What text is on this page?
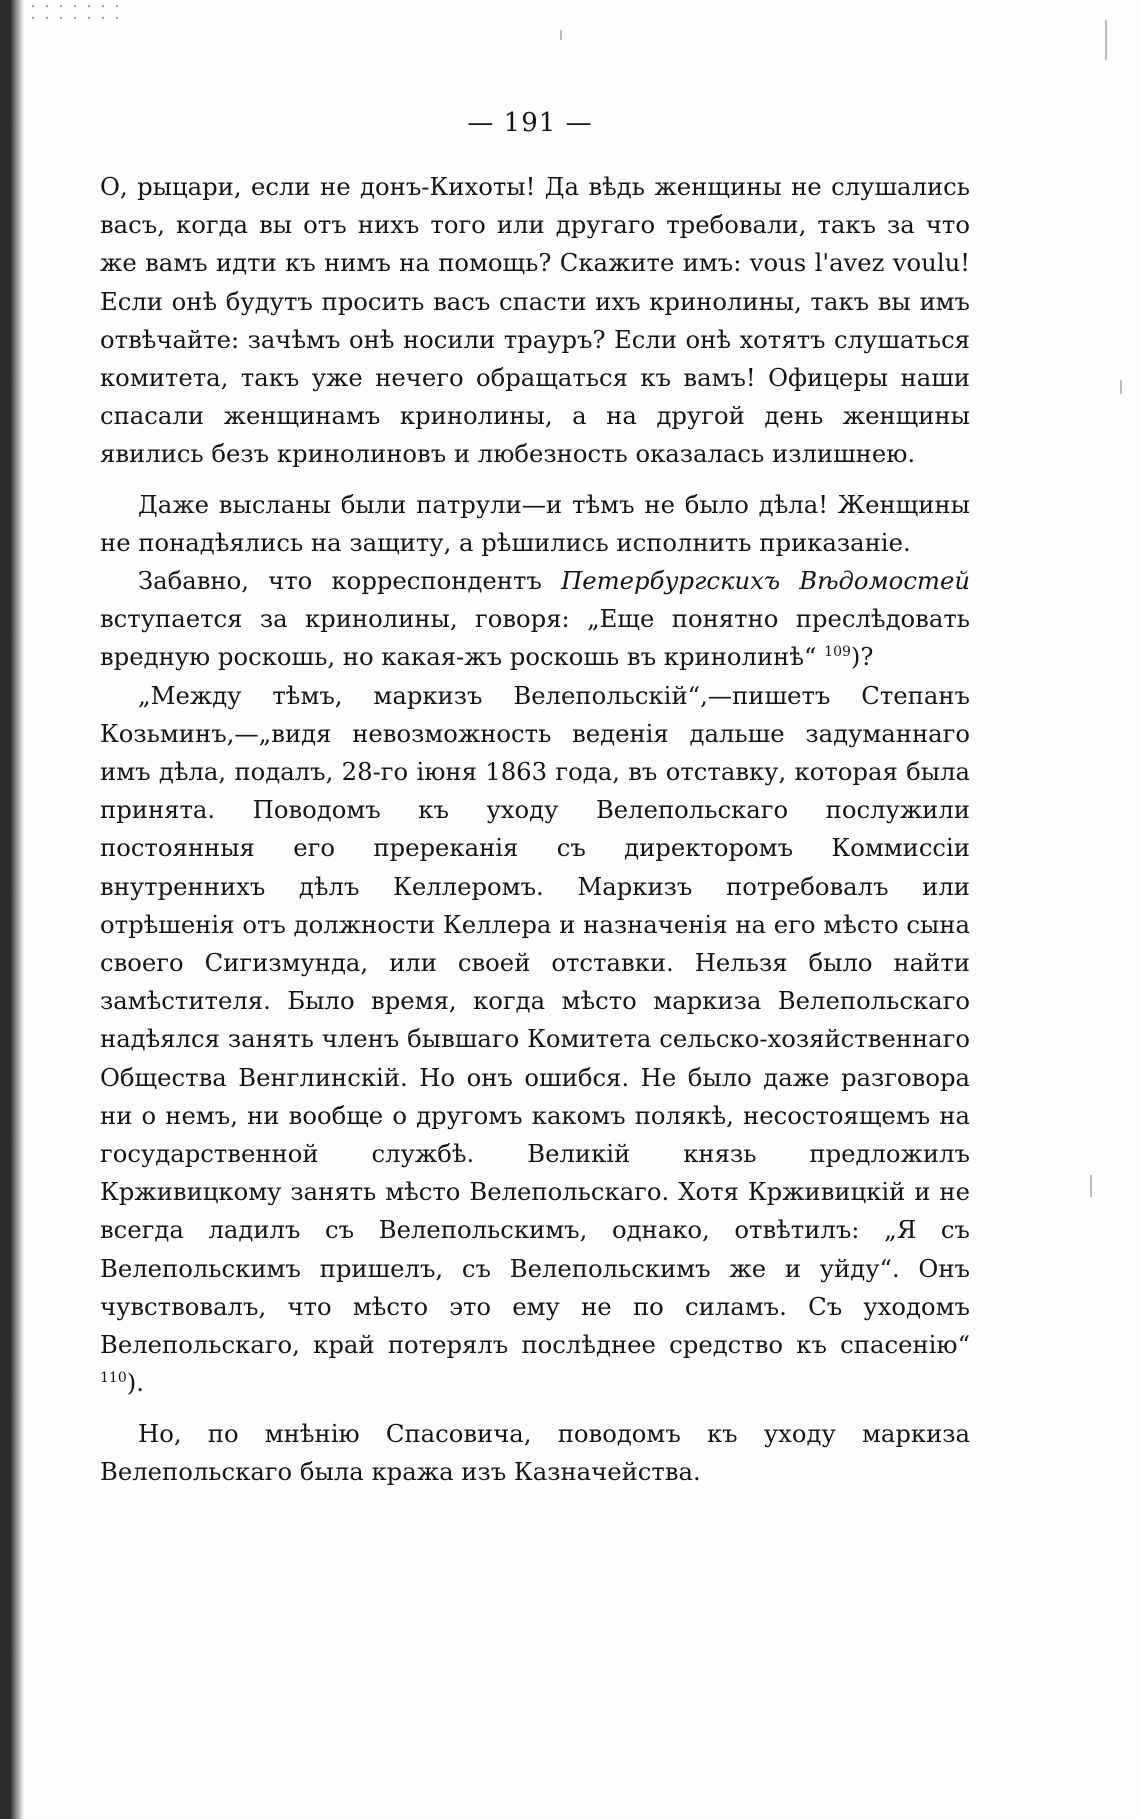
— 191 —

О, рыцари, если не донъ-Кихоты! Да вѣдь женщины не слушались васъ, когда вы отъ нихъ того или другаго требовали, такъ за что же вамъ идти къ нимъ на помощь? Скажите имъ: vous l'avez voulu! Если онѣ будутъ просить васъ спасти ихъ кринолины, такъ вы имъ отвѣчайте: зачѣмъ онѣ носили трауръ? Если онѣ хотятъ слушаться комитета, такъ уже нечего обращаться къ вамъ! Офицеры наши спасали женщинамъ кринолины, а на другой день женщины явились безъ кринолиновъ и любезность оказалась излишнею.

Даже высланы были патрули—и тѣмъ не было дѣла! Женщины не понадѣялись на защиту, а рѣшились исполнить приказаніе.

Забавно, что корреспондентъ Петербургскихъ Вѣдомостей вступается за кринолины, говоря: „Еще понятно преслѣдовать вредную роскошь, но какая-жъ роскошь въ кринолинѣ“ $^{109}$)?

„Между тѣмъ, маркизъ Велепольскій“,—пишетъ Степанъ Козьминъ,—„видя невозможность веденія дальше задуманнаго имъ дѣла, подалъ, 28-го іюня 1863 года, въ отставку, которая была принята. Поводомъ къ уходу Велепольскаго послужили постоянныя его пререканія съ директоромъ Коммиссіи внутреннихъ дѣлъ Келлеромъ. Маркизъ потребовалъ или отрѣшенія отъ должности Келлера и назначенія на его мѣсто сына своего Сигизмунда, или своей отставки. Нельзя было найти замѣстителя. Было время, когда мѣсто маркиза Велепольскаго надѣялся занять членъ бывшаго Комитета сельско-хозяйственнаго Общества Венглинскій. Но онъ ошибся. Не было даже разговора ни о немъ, ни вообще о другомъ какомъ полякѣ, несостоящемъ на государственной службѣ. Великій князь предложилъ Крживицкому занять мѣсто Велепольскаго. Хотя Крживицкій и не всегда ладилъ съ Велепольскимъ, однако, отвѣтилъ: „Я съ Велепольскимъ пришелъ, съ Велепольскимъ же и уйду“. Онъ чувствовалъ, что мѣсто это ему не по силамъ. Съ уходомъ Велепольскаго, край потерялъ послѣднее средство къ спасенію“ $^{110}$).

Но, по мнѣнію Спасовича, поводомъ къ уходу маркиза Велепольскаго была кража изъ Казначейства.
